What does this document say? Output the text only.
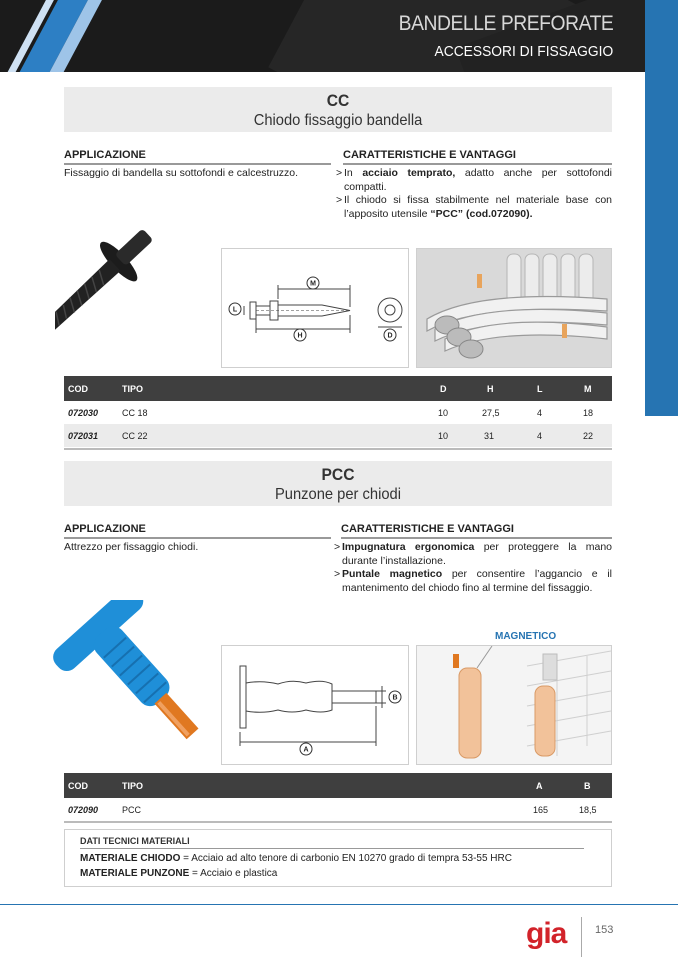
BANDELLE PREFORATE
ACCESSORI DI FISSAGGIO
CC
Chiodo fissaggio bandella
APPLICAZIONE
Fissaggio di bandella su sottofondi e calcestruzzo.
CARATTERISTICHE E VANTAGGI
> In acciaio temprato, adatto anche per sottofondi compatti.
> Il chiodo si fissa stabilmente nel materiale base con l’apposito utensile “PCC” (cod.072090).
M
H
L
D
COD	TIPO	D	H	L	M
072030	CC 18	10	27,5	4	18
072031	CC 22	10	31	4	22
PCC
Punzone per chiodi
APPLICAZIONE
Attrezzo per fissaggio chiodi.
CARATTERISTICHE E VANTAGGI
> Impugnatura ergonomica per proteggere la mano durante l’installazione.
> Puntale magnetico per consentire l’aggancio e il mantenimento del chiodo fino al termine del fissaggio.
B
A
MAGNETICO
COD	TIPO	A	B
072090	PCC	165	18,5
DATI TECNICI MATERIALI
MATERIALE CHIODO = Acciaio ad alto tenore di carbonio EN 10270 grado di tempra 53-55 HRC
MATERIALE PUNZONE = Acciaio e plastica
gia	153
